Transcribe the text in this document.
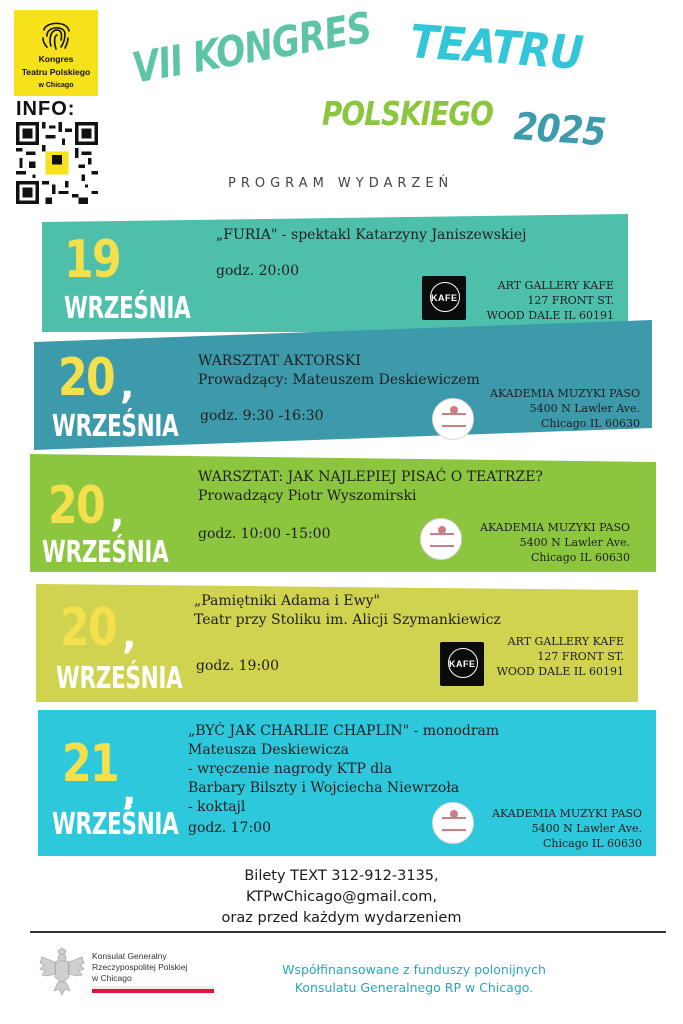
Kongres
Teatru Polskiego
w Chicago
INFO:
VII KONGRES TEATRU
POLSKIEGO 2025
PROGRAM WYDARZEŃ
19
WRZEŚNIA
„FURIA" - spektakl Katarzyny Janiszewskiej
godz. 20:00
KAFE
ART GALLERY KAFE
127 FRONT ST.
WOOD DALE IL 60191
20 ,
WRZEŚNIA
WARSZTAT AKTORSKI
Prowadzący: Mateuszem Deskiewiczem
godz. 9:30 -16:30
AKADEMIA MUZYKI PASO
5400 N Lawler Ave.
Chicago IL 60630
20 ,
WRZEŚNIA
WARSZTAT: JAK NAJLEPIEJ PISAĆ O TEATRZE?
Prowadzący Piotr Wyszomirski
godz. 10:00 -15:00	AKADEMIA MUZYKI PASO
5400 N Lawler Ave.
Chicago IL 60630
20 ,
WRZEŚNIA
„Pamiętniki Adama i Ewy"
Teatr przy Stoliku im. Alicji Szymankiewicz
godz. 19:00	KAFE
ART GALLERY KAFE
127 FRONT ST.
WOOD DALE IL 60191
21 ,
WRZEŚNIA
„BYĆ JAK CHARLIE CHAPLIN" - monodram
Mateusza Deskiewicza
- wręczenie nagrody KTP dla
Barbary Bilszty i Wojciecha Niewrzoła
- koktajl
godz. 17:00
AKADEMIA MUZYKI PASO
5400 N Lawler Ave.
Chicago IL 60630
Bilety TEXT 312-912-3135,
KTPwChicago@gmail.com,
oraz przed każdym wydarzeniem
Konsulat Generalny
Rzeczypospolitej Polskiej
w Chicago
Współfinansowane z funduszy polonijnych
Konsulatu Generalnego RP w Chicago.
